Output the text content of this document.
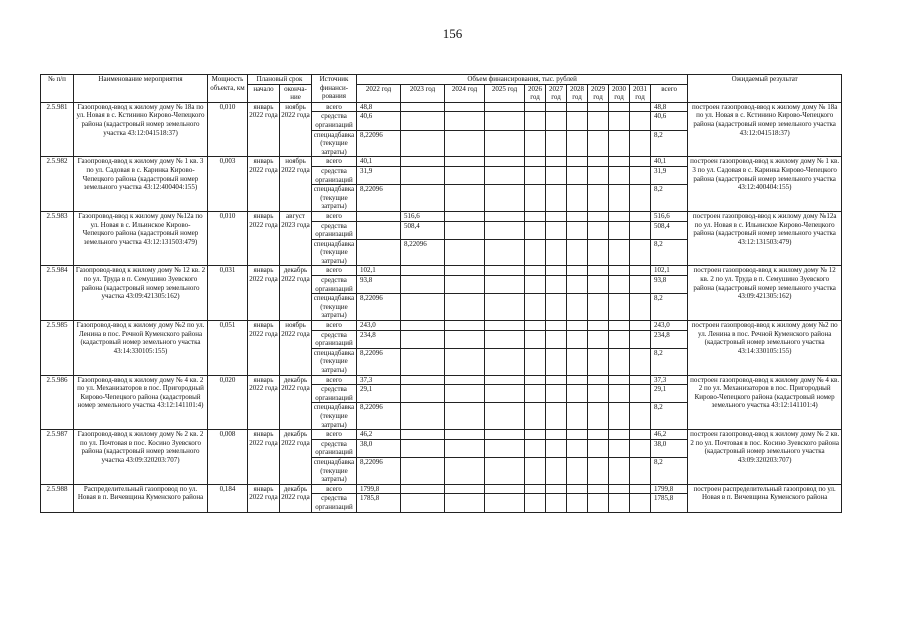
156
№ п/п	Наименование мероприятия	Мощность объекта, км	Плановый срок		Источник финанси-рования	Объем финансирования, тыс. рублей											Ожидаемый результат
			начало	оконча-ние		2022 год	2023 год	2024 год	2025 год	2026 год	2027 год	2028 год	2029 год	2030 год	2031 год	всего	
2.5.981	Газопровод-ввод к жилому дому № 18а по ул. Новая в с. Кстинино Кирово-Чепецкого района (кадастровый номер земельного участка 43:12:041518:37)	0,010	январь 2022 года	ноябрь 2022 года	всего	48,8										48,8	построен газопровод-ввод к жилому дому № 18а по ул. Новая в с. Кстинино Кирово-Чепецкого района (кадастровый номер земельного участка 43:12:041518:37)
					средства организаций	40,6										40,6	
					спецнадбавка (текущие затраты)	8,22096										8,2	
2.5.982	Газопровод-ввод к жилому дому № 1 кв. 3 по ул. Садовая в с. Каринка Кирово-Чепецкого района (кадастровый номер земельного участка 43:12:400404:155)	0,003	январь 2022 года	ноябрь 2022 года	всего	40,1										40,1	построен газопровод-ввод к жилому дому № 1 кв. 3 по ул. Садовая в с. Каринка Кирово-Чепецкого района (кадастровый номер земельного участка 43:12:400404:155)
					средства организаций	31,9										31,9	
					спецнадбавка (текущие затраты)	8,22096										8,2	
2.5.983	Газопровод-ввод к жилому дому №12а по ул. Новая в с. Ильинское Кирово-Чепецкого района (кадастровый номер земельного участка 43:12:131503:479)	0,010	январь 2022 года	август 2023 года	всего		516,6									516,6	построен газопровод-ввод к жилому дому №12а по ул. Новая в с. Ильинское Кирово-Чепецкого района (кадастровый номер земельного участка 43:12:131503:479)
					средства организаций		508,4									508,4	
					спецнадбавка (текущие затраты)		8,22096									8,2	
2.5.984	Газопровод-ввод к жилому дому № 12 кв. 2 по ул. Труда в п. Семушино Зуевского района (кадастровый номер земельного участка 43:09:421305:162)	0,031	январь 2022 года	декабрь 2022 года	всего	102,1										102,1	построен газопровод-ввод к жилому дому № 12 кв. 2 по ул. Труда в п. Семушино Зуевского района (кадастровый номер земельного участка 43:09:421305:162)
					средства организаций	93,8										93,8	
					спецнадбавка (текущие затраты)	8,22096										8,2	
2.5.985	Газопровод-ввод к жилому дому №2 по ул. Ленина в пос. Речной Куменского района (кадастровый номер земельного участка 43:14:330105:155)	0,051	январь 2022 года	ноябрь 2022 года	всего	243,0										243,0	построен газопровод-ввод к жилому дому №2 по ул. Ленина в пос. Речной Куменского района (кадастровый номер земельного участка 43:14:330105:155)
					средства организаций	234,8										234,8	
					спецнадбавка (текущие затраты)	8,22096										8,2	
2.5.986	Газопровод-ввод к жилому дому № 4 кв. 2 по ул. Механизаторов в пос. Пригородный Кирово-Чепецкого района (кадастровый номер земельного участка 43:12:141101:4)	0,020	январь 2022 года	декабрь 2022 года	всего	37,3										37,3	построен газопровод-ввод к жилому дому № 4 кв. 2 по ул. Механизаторов в пос. Пригородный Кирово-Чепецкого района (кадастровый номер земельного участка 43:12:141101:4)
					средства организаций	29,1										29,1	
					спецнадбавка (текущие затраты)	8,22096										8,2	
2.5.987	Газопровод-ввод к жилому дому № 2 кв. 2 по ул. Почтовая в пос. Косино Зуевского района (кадастровый номер земельного участка 43:09:320203:707)	0,008	январь 2022 года	декабрь 2022 года	всего	46,2										46,2	построен газопровод-ввод к жилому дому № 2 кв. 2 по ул. Почтовая в пос. Косино Зуевского района (кадастровый номер земельного участка 43:09:320203:707)
					средства организаций	38,0										38,0	
					спецнадбавка (текущие затраты)	8,22096										8,2	
2.5.988	Распределительный газопровод по ул. Новая в п. Вичевщина Куменского района	0,184	январь 2022 года	декабрь 2022 года	всего	1799,8										1799,8	построен распределительный газопровод по ул. Новая в п. Вичевщина Куменского района
					средства организаций	1785,8										1785,8	
